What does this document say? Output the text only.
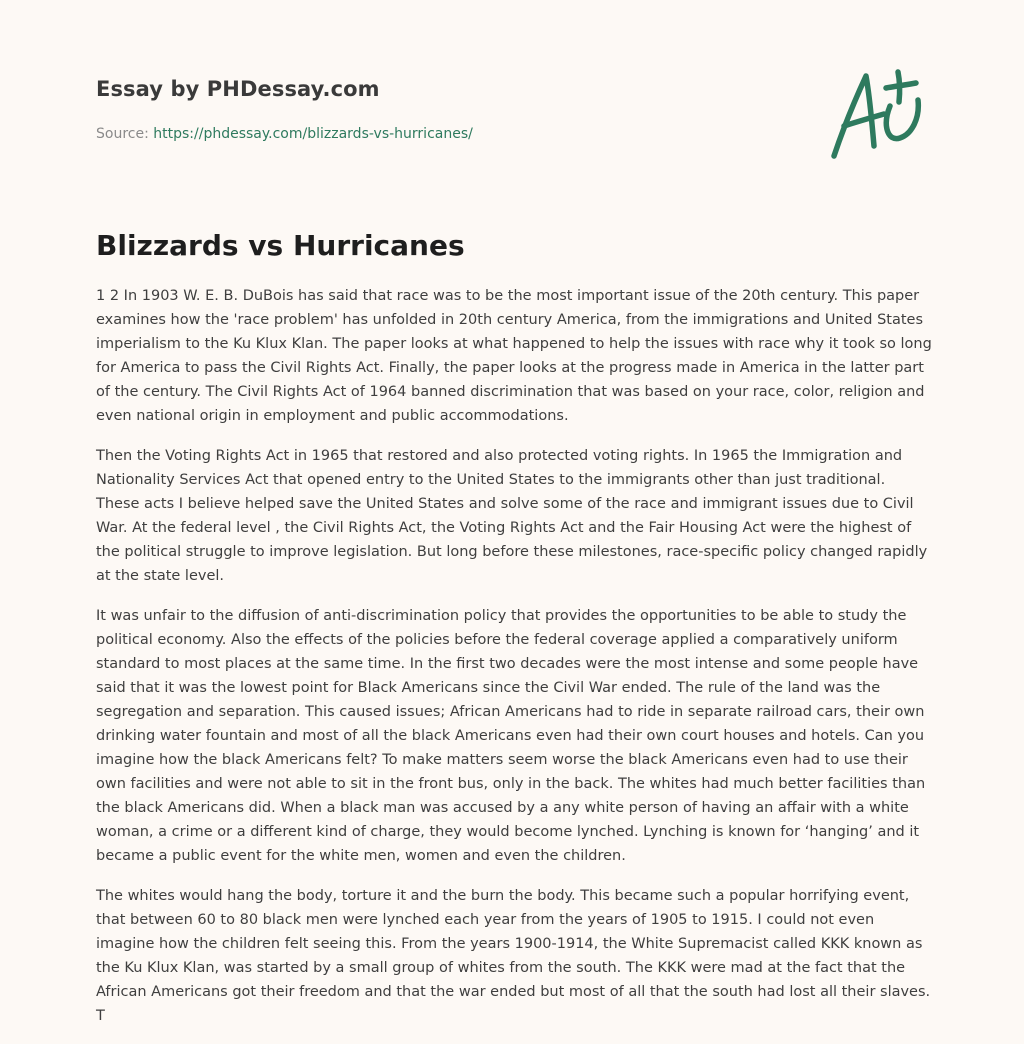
Essay by PHDessay.com
Source: https://phdessay.com/blizzards-vs-hurricanes/
Blizzards vs Hurricanes

1 2 In 1903 W. E. B. DuBois has said that race was to be the most important issue of the 20th century. This paper examines how the 'race problem' has unfolded in 20th century America, from the immigrations and United States imperialism to the Ku Klux Klan. The paper looks at what happened to help the issues with race why it took so long for America to pass the Civil Rights Act. Finally, the paper looks at the progress made in America in the latter part of the century. The Civil Rights Act of 1964 banned discrimination that was based on your race, color, religion and even national origin in employment and public accommodations.

Then the Voting Rights Act in 1965 that restored and also protected voting rights. In 1965 the Immigration and Nationality Services Act that opened entry to the United States to the immigrants other than just traditional. These acts I believe helped save the United States and solve some of the race and immigrant issues due to Civil War. At the federal level , the Civil Rights Act, the Voting Rights Act and the Fair Housing Act were the highest of the political struggle to improve legislation. But long before these milestones, race-specific policy changed rapidly at the state level.

It was unfair to the diffusion of anti-discrimination policy that provides the opportunities to be able to study the political economy. Also the effects of the policies before the federal coverage applied a comparatively uniform standard to most places at the same time. In the first two decades were the most intense and some people have said that it was the lowest point for Black Americans since the Civil War ended. The rule of the land was the segregation and separation. This caused issues; African Americans had to ride in separate railroad cars, their own drinking water fountain and most of all the black Americans even had their own court houses and hotels. Can you imagine how the black Americans felt? To make matters seem worse the black Americans even had to use their own facilities and were not able to sit in the front bus, only in the back. The whites had much better facilities than the black Americans did. When a black man was accused by a any white person of having an affair with a white woman, a crime or a different kind of charge, they would become lynched. Lynching is known for ‘hanging’ and it became a public event for the white men, women and even the children.

The whites would hang the body, torture it and the burn the body. This became such a popular horrifying event, that between 60 to 80 black men were lynched each year from the years of 1905 to 1915. I could not even imagine how the children felt seeing this. From the years 1900-1914, the White Supremacist called KKK known as the Ku Klux Klan, was started by a small group of whites from the south. The KKK were mad at the fact that the African Americans got their freedom and that the war ended but most of all that the south had lost all their slaves. T
